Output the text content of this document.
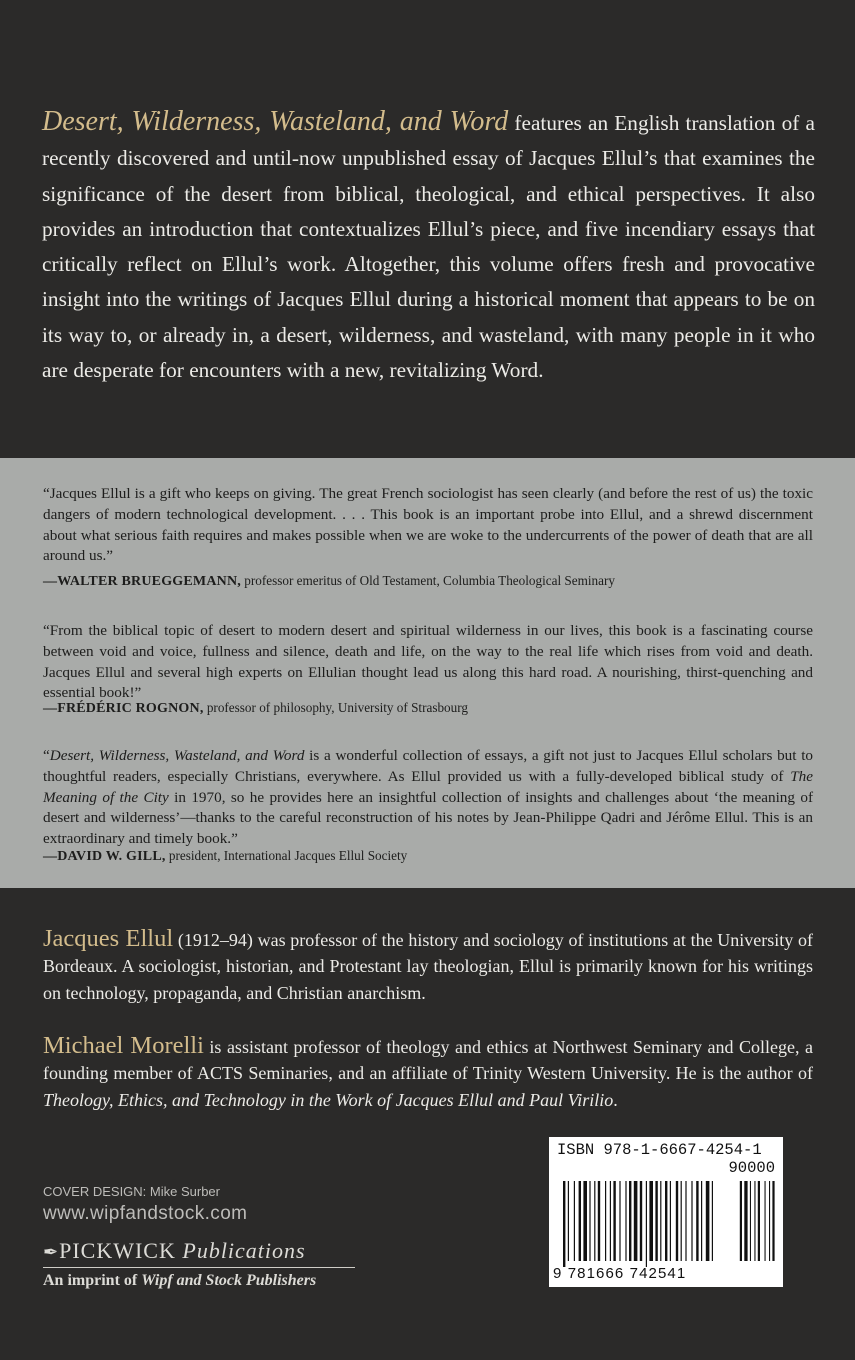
Desert, Wilderness, Wasteland, and Word features an English translation of a recently discovered and until-now unpublished essay of Jacques Ellul’s that examines the significance of the desert from biblical, theological, and ethical perspectives. It also provides an introduction that contextualizes Ellul’s piece, and five incendiary essays that critically reflect on Ellul’s work. Altogether, this volume offers fresh and provocative insight into the writings of Jacques Ellul during a historical moment that appears to be on its way to, or already in, a desert, wilderness, and wasteland, with many people in it who are desperate for encounters with a new, revitalizing Word.
“Jacques Ellul is a gift who keeps on giving. The great French sociologist has seen clearly (and before the rest of us) the toxic dangers of modern technological development. . . . This book is an important probe into Ellul, and a shrewd discernment about what serious faith requires and makes possible when we are woke to the undercurrents of the power of death that are all around us.”
—WALTER BRUEGGEMANN, professor emeritus of Old Testament, Columbia Theological Seminary
“From the biblical topic of desert to modern desert and spiritual wilderness in our lives, this book is a fascinating course between void and voice, fullness and silence, death and life, on the way to the real life which rises from void and death. Jacques Ellul and several high experts on Ellulian thought lead us along this hard road. A nourishing, thirst-quenching and essential book!”
—FRÉDÉRIC ROGNON, professor of philosophy, University of Strasbourg
“Desert, Wilderness, Wasteland, and Word is a wonderful collection of essays, a gift not just to Jacques Ellul scholars but to thoughtful readers, especially Christians, everywhere. As Ellul provided us with a fully-developed biblical study of The Meaning of the City in 1970, so he provides here an insightful collection of insights and challenges about ‘the meaning of desert and wilderness’—thanks to the careful reconstruction of his notes by Jean-Philippe Qadri and Jérôme Ellul. This is an extraordinary and timely book.”
—DAVID W. GILL, president, International Jacques Ellul Society
Jacques Ellul (1912–94) was professor of the history and sociology of institutions at the University of Bordeaux. A sociologist, historian, and Protestant lay theologian, Ellul is primarily known for his writings on technology, propaganda, and Christian anarchism.
Michael Morelli is assistant professor of theology and ethics at Northwest Seminary and College, a founding member of ACTS Seminaries, and an affiliate of Trinity Western University. He is the author of Theology, Ethics, and Technology in the Work of Jacques Ellul and Paul Virilio.
COVER DESIGN: Mike Surber
www.wipfandstock.com
✒PICKWICK Publications
An imprint of Wipf and Stock Publishers
ISBN 978-1-6667-4254-1
90000
9 781666 742541
